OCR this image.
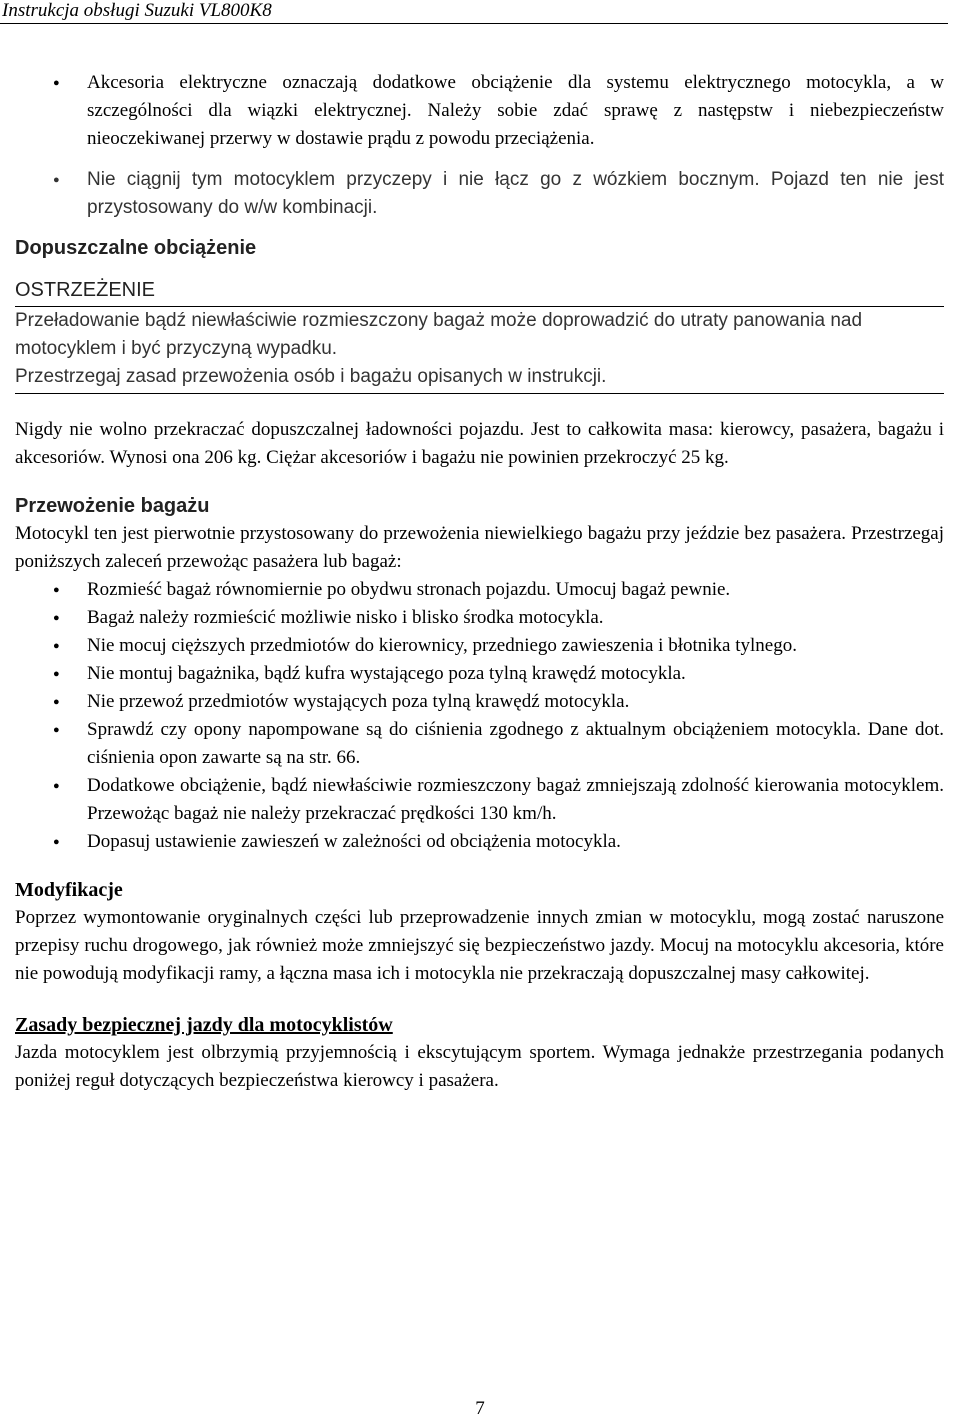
Instrukcja obsługi Suzuki VL800K8
● Akcesoria elektryczne oznaczają dodatkowe obciążenie dla systemu elektrycznego motocykla, a w szczególności dla wiązki elektrycznej. Należy sobie zdać sprawę z następstw i niebezpieczeństw nieoczekiwanej przerwy w dostawie prądu z powodu przeciążenia.
● Nie ciągnij tym motocyklem przyczepy i nie łącz go z wózkiem bocznym. Pojazd ten nie jest przystosowany do w/w kombinacji.
Dopuszczalne obciążenie
OSTRZEŻENIE

Przeładowanie bądź niewłaściwie rozmieszczony bagaż może doprowadzić do utraty panowania nad motocyklem i być przyczyną wypadku.

Przestrzegaj zasad przewożenia osób i bagażu opisanych w instrukcji.

Nigdy nie wolno przekraczać dopuszczalnej ładowności pojazdu. Jest to całkowita masa: kierowcy, pasażera, bagażu i akcesoriów. Wynosi ona 206 kg. Ciężar akcesoriów i bagażu nie powinien przekroczyć 25 kg.

Przewożenie bagażu

Motocykl ten jest pierwotnie przystosowany do przewożenia niewielkiego bagażu przy jeździe bez pasażera. Przestrzegaj poniższych zaleceń przewożąc pasażera lub bagaż:

● Rozmieść bagaż równomiernie po obydwu stronach pojazdu. Umocuj bagaż pewnie.
● Bagaż należy rozmieścić możliwie nisko i blisko środka motocykla.
● Nie mocuj cięższych przedmiotów do kierownicy, przedniego zawieszenia i błotnika tylnego.
● Nie montuj bagażnika, bądź kufra wystającego poza tylną krawędź motocykla.
● Nie przewoź przedmiotów wystających poza tylną krawędź motocykla.
● Sprawdź czy opony napompowane są do ciśnienia zgodnego z aktualnym obciążeniem motocykla. Dane dot. ciśnienia opon zawarte są na str. 66.
● Dodatkowe obciążenie, bądź niewłaściwie rozmieszczony bagaż zmniejszają zdolność kierowania motocyklem. Przewożąc bagaż nie należy przekraczać prędkości 130 km/h.
● Dopasuj ustawienie zawieszeń w zależności od obciążenia motocykla.
Modyfikacje

Poprzez wymontowanie oryginalnych części lub przeprowadzenie innych zmian w motocyklu, mogą zostać naruszone przepisy ruchu drogowego, jak również może zmniejszyć się bezpieczeństwo jazdy. Mocuj na motocyklu akcesoria, które nie powodują modyfikacji ramy, a łączna masa ich i motocykla nie przekraczają dopuszczalnej masy całkowitej.

Zasady bezpiecznej jazdy dla motocyklistów

Jazda motocyklem jest olbrzymią przyjemnością i ekscytującym sportem. Wymaga jednakże przestrzegania podanych poniżej reguł dotyczących bezpieczeństwa kierowcy i pasażera.

7
